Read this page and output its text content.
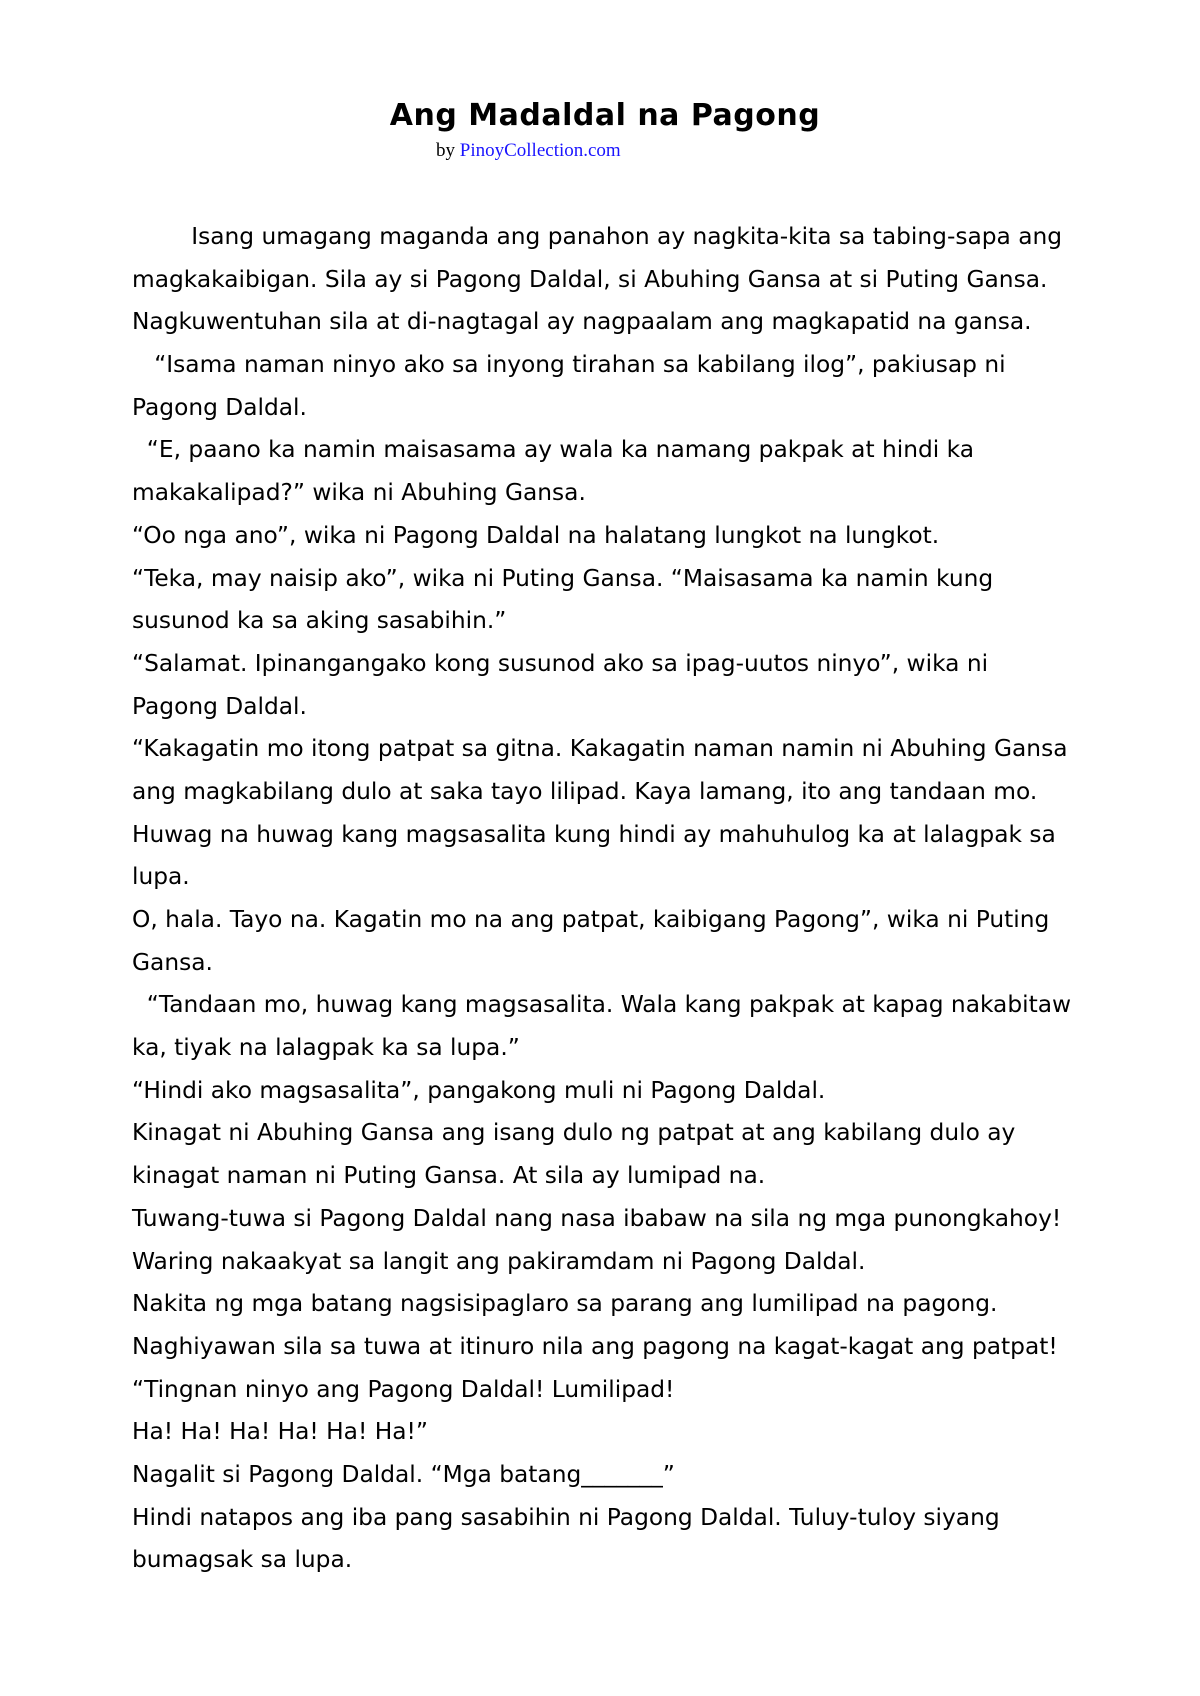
Ang Madaldal na Pagong
by PinoyCollection.com
Isang umagang maganda ang panahon ay nagkita-kita sa tabing-sapa ang
magkakaibigan. Sila ay si Pagong Daldal, si Abuhing Gansa at si Puting Gansa.
Nagkuwentuhan sila at di-nagtagal ay nagpaalam ang magkapatid na gansa.
“Isama naman ninyo ako sa inyong tirahan sa kabilang ilog”, pakiusap ni
Pagong Daldal.
“E, paano ka namin maisasama ay wala ka namang pakpak at hindi ka
makakalipad?” wika ni Abuhing Gansa.
“Oo nga ano”, wika ni Pagong Daldal na halatang lungkot na lungkot.
“Teka, may naisip ako”, wika ni Puting Gansa. “Maisasama ka namin kung
susunod ka sa aking sasabihin.”
“Salamat. Ipinangangako kong susunod ako sa ipag-uutos ninyo”, wika ni
Pagong Daldal.
“Kakagatin mo itong patpat sa gitna. Kakagatin naman namin ni Abuhing Gansa
ang magkabilang dulo at saka tayo lilipad. Kaya lamang, ito ang tandaan mo.
Huwag na huwag kang magsasalita kung hindi ay mahuhulog ka at lalagpak sa
lupa.
O, hala. Tayo na. Kagatin mo na ang patpat, kaibigang Pagong”, wika ni Puting
Gansa.
“Tandaan mo, huwag kang magsasalita. Wala kang pakpak at kapag nakabitaw
ka, tiyak na lalagpak ka sa lupa.”
“Hindi ako magsasalita”, pangakong muli ni Pagong Daldal.
Kinagat ni Abuhing Gansa ang isang dulo ng patpat at ang kabilang dulo ay
kinagat naman ni Puting Gansa. At sila ay lumipad na.
Tuwang-tuwa si Pagong Daldal nang nasa ibabaw na sila ng mga punongkahoy!
Waring nakaakyat sa langit ang pakiramdam ni Pagong Daldal.
Nakita ng mga batang nagsisipaglaro sa parang ang lumilipad na pagong.
Naghiyawan sila sa tuwa at itinuro nila ang pagong na kagat-kagat ang patpat!
“Tingnan ninyo ang Pagong Daldal! Lumilipad!
Ha! Ha! Ha! Ha! Ha! Ha!”
Nagalit si Pagong Daldal. “Mga batang_______”
Hindi natapos ang iba pang sasabihin ni Pagong Daldal. Tuluy-tuloy siyang
bumagsak sa lupa.
